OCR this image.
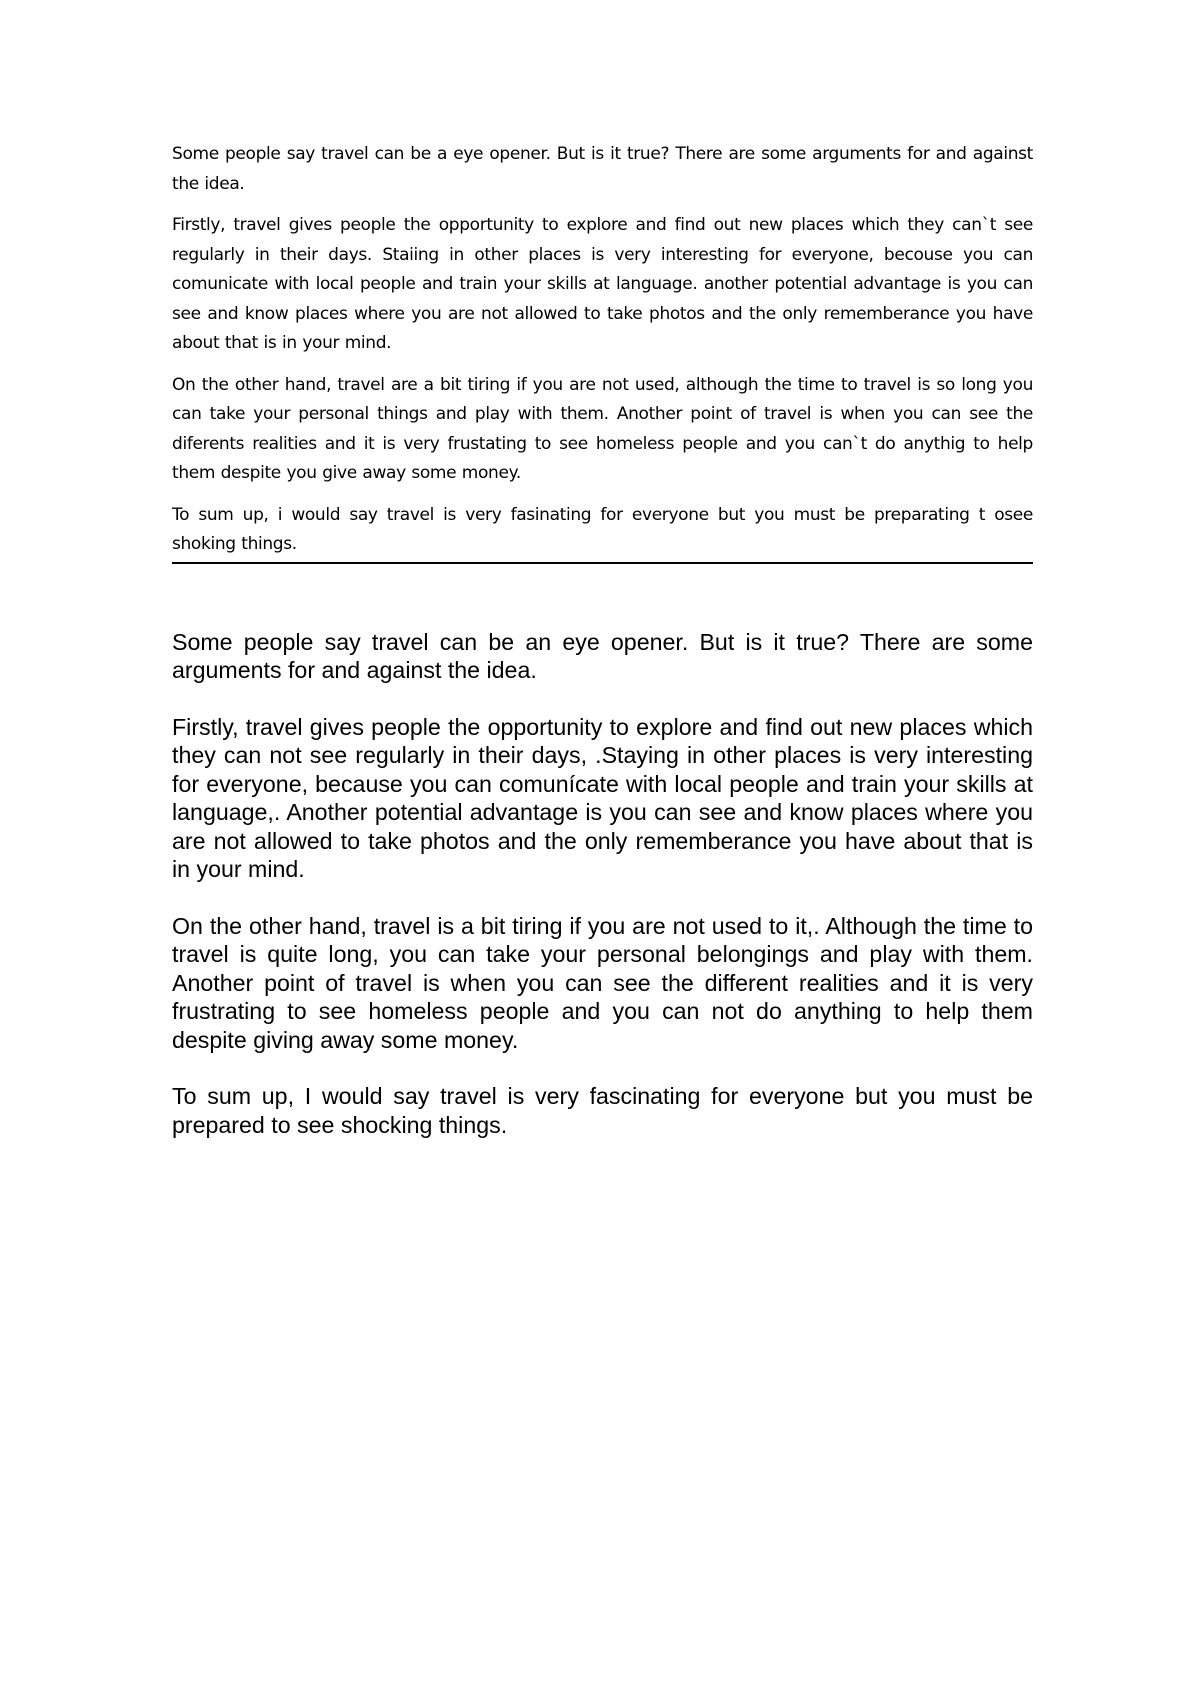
Some people say travel can be a eye opener. But is it true? There are some arguments for and against the idea.

Firstly, travel gives people the opportunity to explore and find out new places which they can`t see regularly in their days. Staiing in other places is very interesting for everyone, becouse you can comunicate with local people and train your skills at language. another potential advantage is you can see and know places where you are not allowed to take photos and the only rememberance you have about that is in your mind.

On the other hand, travel are a bit tiring if you are not used, although the time to travel is so long you can take your personal things and play with them. Another point of travel is when you can see the diferents realities and it is very frustating to see homeless people and you can`t do anythig to help them despite you give away some money.

To sum up, i would say travel is very fasinating for everyone but you must be preparating t osee shoking things.

Some people say travel can be an eye opener. But is it true? There are some arguments for and against the idea.

Firstly, travel gives people the opportunity to explore and find out new places which they can not see regularly in their days, .Staying in other places is very interesting for everyone, because you can comunícate with local people and train your skills at language,. Another potential advantage is you can see and know places where you are not allowed to take photos and the only rememberance you have about that is in your mind.

On the other hand, travel is a bit tiring if you are not used to it,. Although the time to travel is quite long, you can take your personal belongings and play with them. Another point of travel is when you can see the different realities and it is very frustrating to see homeless people and you can not do anything to help them despite giving away some money.

To sum up, I would say travel is very fascinating for everyone but you must be prepared to see shocking things.
